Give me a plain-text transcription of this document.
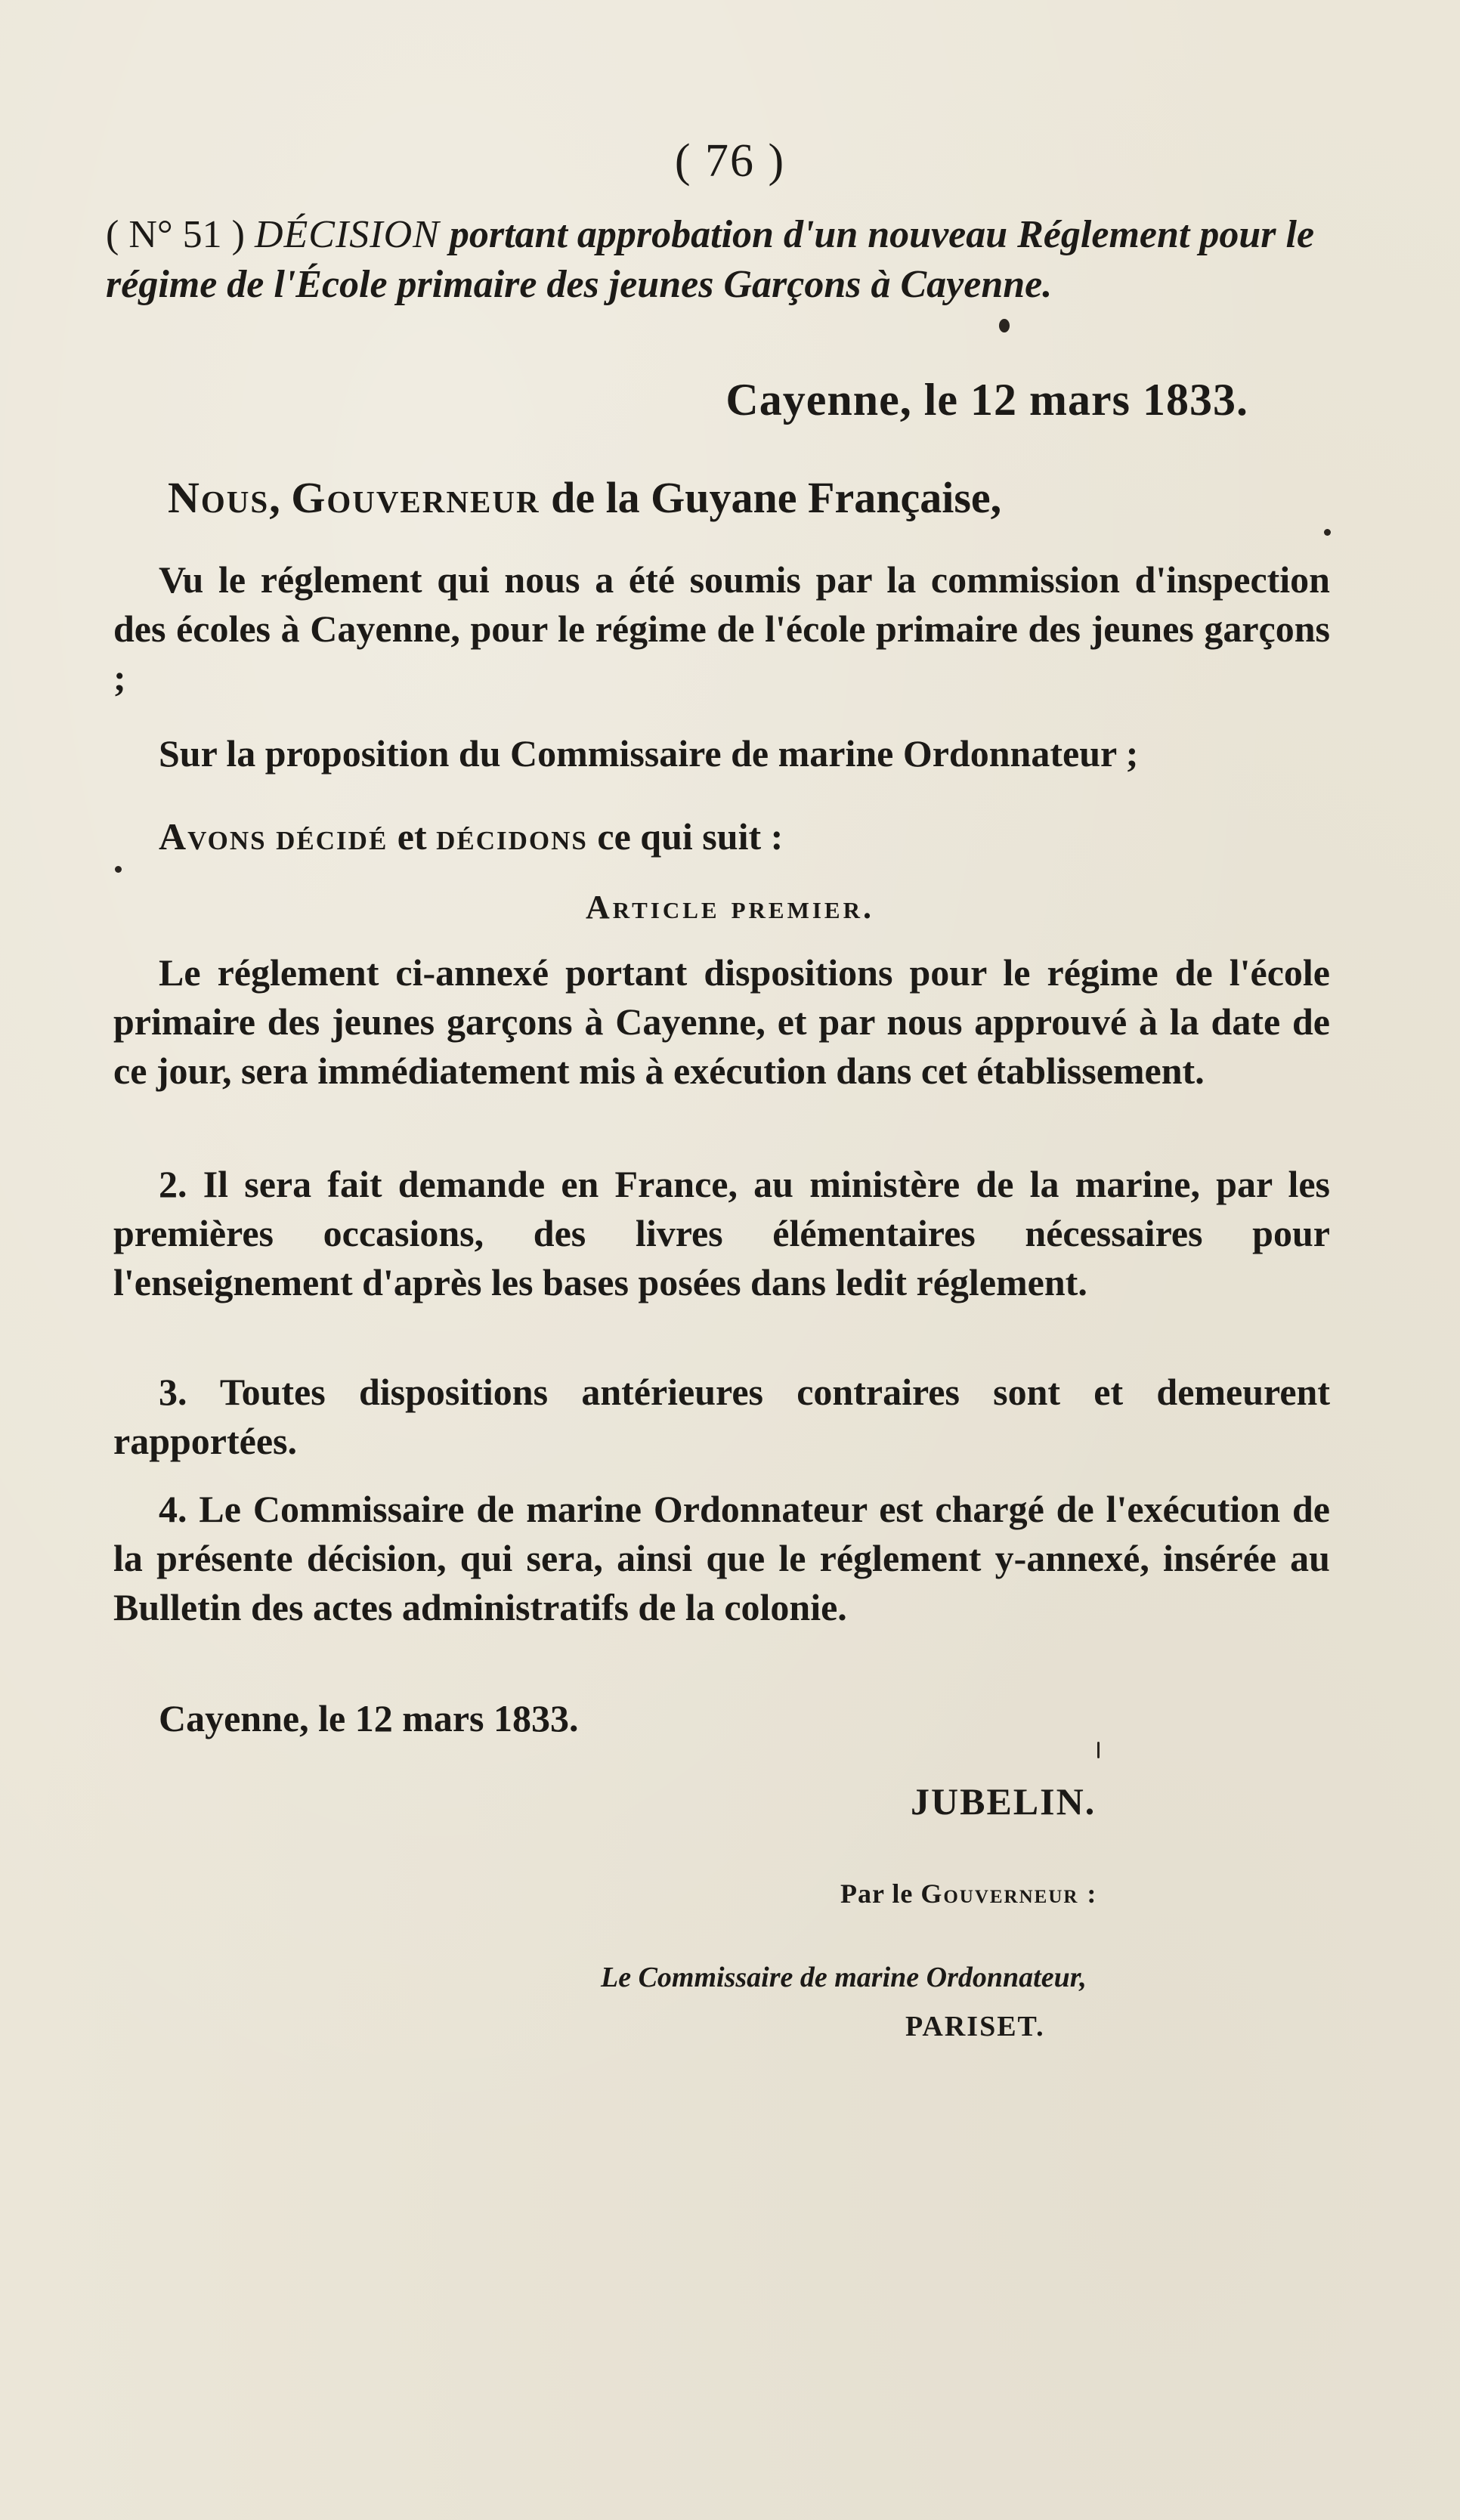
( 76 )
( N° 51 ) DÉCISION portant approbation d'un nouveau Réglement pour le régime de l'École primaire des jeunes Garçons à Cayenne.
Cayenne, le 12 mars 1833.
Nous, Gouverneur de la Guyane Française,
Vu le réglement qui nous a été soumis par la commission d'inspection des écoles à Cayenne, pour le régime de l'école primaire des jeunes garçons ;
Sur la proposition du Commissaire de marine Ordonnateur ;
Avons décidé et décidons ce qui suit :
Article premier.
Le réglement ci-annexé portant dispositions pour le régime de l'école primaire des jeunes garçons à Cayenne, et par nous approuvé à la date de ce jour, sera immédiatement mis à exécution dans cet établissement.
2. Il sera fait demande en France, au ministère de la marine, par les premières occasions, des livres élémentaires nécessaires pour l'enseignement d'après les bases posées dans ledit réglement.
3. Toutes dispositions antérieures contraires sont et demeurent rapportées.
4. Le Commissaire de marine Ordonnateur est chargé de l'exécution de la présente décision, qui sera, ainsi que le réglement y-annexé, insérée au Bulletin des actes administratifs de la colonie.
Cayenne, le 12 mars 1833.
JUBELIN.
Par le Gouverneur :
Le Commissaire de marine Ordonnateur,
PARISET.
